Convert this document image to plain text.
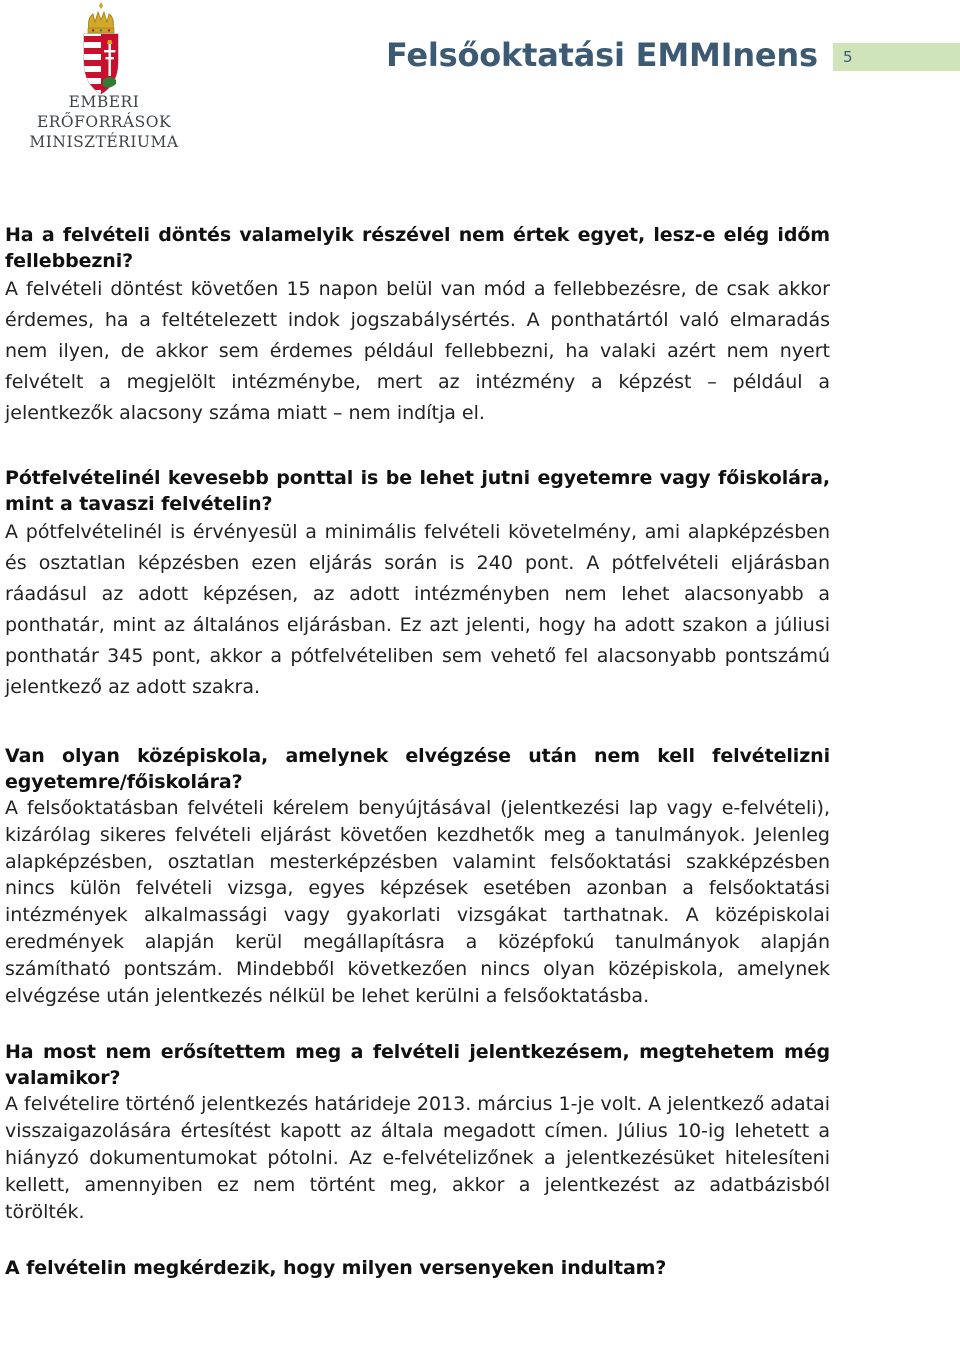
EMBERI ERŐFORRÁSOK
MINISZTÉRIUMA
Felsőoktatási EMMInens 5

Ha a felvételi döntés valamelyik részével nem értek egyet, lesz-e elég időm fellebbezni?

A felvételi döntést követően 15 napon belül van mód a fellebbezésre, de csak akkor érdemes, ha a feltételezett indok jogszabálysértés. A ponthatártól való elmaradás nem ilyen, de akkor sem érdemes például fellebbezni, ha valaki azért nem nyert felvételt a megjelölt intézménybe, mert az intézmény a képzést – például a jelentkezők alacsony száma miatt – nem indítja el.

Pótfelvételinél kevesebb ponttal is be lehet jutni egyetemre vagy főiskolára, mint a tavaszi felvételin?

A pótfelvételinél is érvényesül a minimális felvételi követelmény, ami alapképzésben és osztatlan képzésben ezen eljárás során is 240 pont. A pótfelvételi eljárásban ráadásul az adott képzésen, az adott intézményben nem lehet alacsonyabb a ponthatár, mint az általános eljárásban. Ez azt jelenti, hogy ha adott szakon a júliusi ponthatár 345 pont, akkor a pótfelvételiben sem vehető fel alacsonyabb pontszámú jelentkező az adott szakra.

Van olyan középiskola, amelynek elvégzése után nem kell felvételizni egyetemre/főiskolára?

A felsőoktatásban felvételi kérelem benyújtásával (jelentkezési lap vagy e-felvételi), kizárólag sikeres felvételi eljárást követően kezdhetők meg a tanulmányok. Jelenleg alapképzésben, osztatlan mesterképzésben valamint felsőoktatási szakképzésben nincs külön felvételi vizsga, egyes képzések esetében azonban a felsőoktatási intézmények alkalmassági vagy gyakorlati vizsgákat tarthatnak. A középiskolai eredmények alapján kerül megállapításra a középfokú tanulmányok alapján számítható pontszám. Mindebből következően nincs olyan középiskola, amelynek elvégzése után jelentkezés nélkül be lehet kerülni a felsőoktatásba.

Ha most nem erősítettem meg a felvételi jelentkezésem, megtehetem még valamikor?

A felvételire történő jelentkezés határideje 2013. március 1-je volt. A jelentkező adatai visszaigazolására értesítést kapott az általa megadott címen. Július 10-ig lehetett a hiányzó dokumentumokat pótolni. Az e-felvételizőnek a jelentkezésüket hitelesíteni kellett, amennyiben ez nem történt meg, akkor a jelentkezést az adatbázisból törölték.

A felvételin megkérdezik, hogy milyen versenyeken indultam?
